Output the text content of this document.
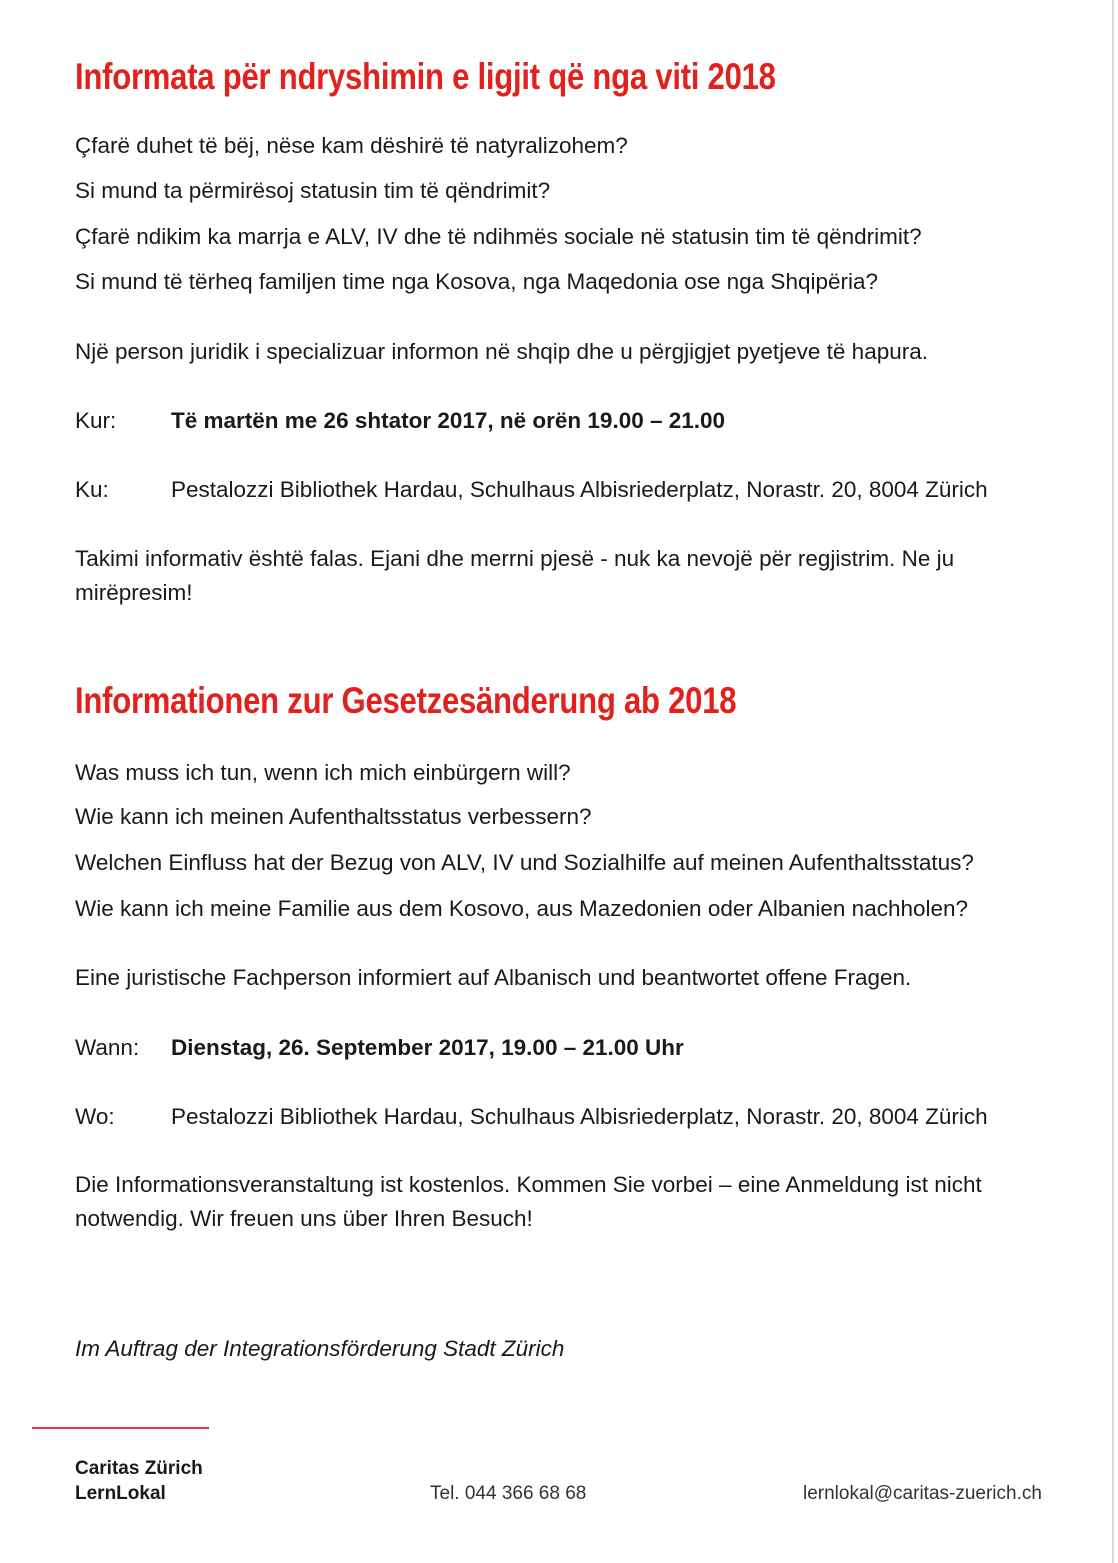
Informata për ndryshimin e ligjit që nga viti 2018
Çfarë duhet të bëj, nëse kam dëshirë të natyralizohem?
Si mund ta përmirësoj statusin tim të qëndrimit?
Çfarë ndikim ka marrja e ALV, IV dhe të ndihmës sociale në statusin tim të qëndrimit?
Si mund të tërheq familjen time nga Kosova, nga Maqedonia ose nga Shqipëria?
Një person juridik i specializuar informon në shqip dhe u përgjigjet pyetjeve të hapura.
Kur: Të martën me 26 shtator 2017, në orën 19.00 – 21.00
Ku:	Pestalozzi Bibliothek Hardau, Schulhaus Albisriederplatz, Norastr. 20, 8004 Zürich
Takimi informativ është falas. Ejani dhe merrni pjesë - nuk ka nevojë për regjistrim. Ne ju mirëpresim!
Informationen zur Gesetzesänderung ab 2018
Was muss ich tun, wenn ich mich einbürgern will?
Wie kann ich meinen Aufenthaltsstatus verbessern?
Welchen Einfluss hat der Bezug von ALV, IV und Sozialhilfe auf meinen Aufenthaltsstatus?
Wie kann ich meine Familie aus dem Kosovo, aus Mazedonien oder Albanien nachholen?
Eine juristische Fachperson informiert auf Albanisch und beantwortet offene Fragen.
Wann: Dienstag, 26. September 2017, 19.00 – 21.00 Uhr
Wo:	Pestalozzi Bibliothek Hardau, Schulhaus Albisriederplatz, Norastr. 20, 8004 Zürich
Die Informationsveranstaltung ist kostenlos. Kommen Sie vorbei – eine Anmeldung ist nicht notwendig. Wir freuen uns über Ihren Besuch!
Im Auftrag der Integrationsförderung Stadt Zürich
Caritas Zürich
LernLokal	Tel. 044 366 68 68	lernlokal@caritas-zuerich.ch
